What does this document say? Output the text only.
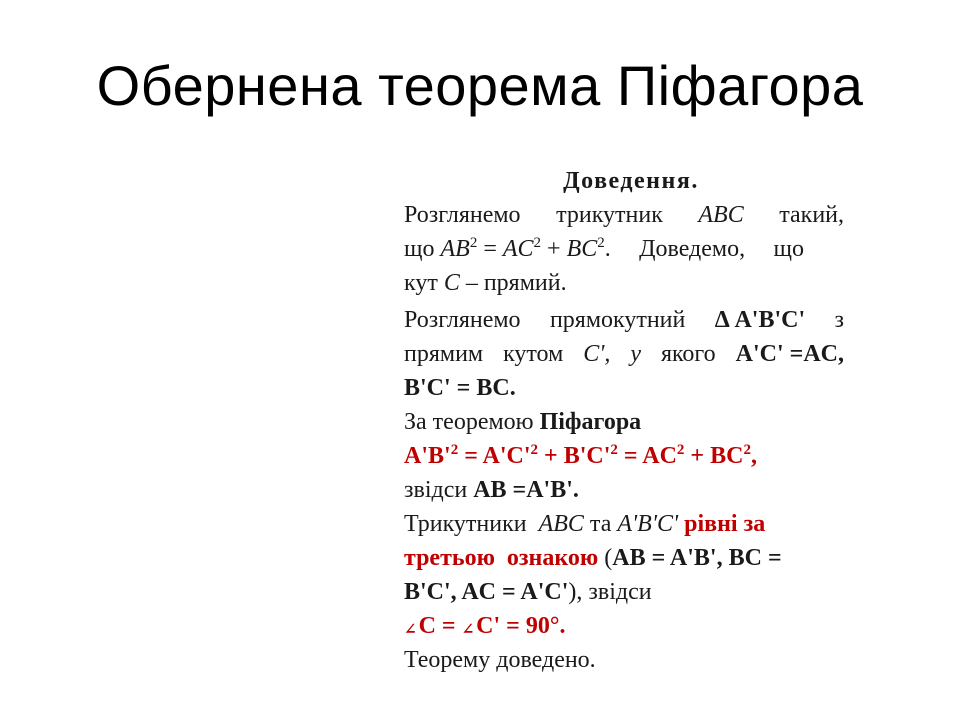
Обернена теорема Піфагора
Доведення.
Розглянемо трикутник ABC такий,
що $AB^2 = AC^2 + BC^2$. Доведемо, що
кут C – прямий.
Розглянемо прямокутний Δ A'B'C' з
прямим кутом C', у якого A'C' =AC,
B'C' = BC.
За теоремою Піфагора
$A'B'^2 = A'C'^2 + B'C'^2 = AC^2 + BC^2$,
звідси AB =A'B'.
Трикутники ABC та A'B'C' рівні за
третьою  ознакою (AB = A'B', BC =
B'C', AC = A'C'), звідси
∠C = ∠C' = 90°.
Теорему доведено.
